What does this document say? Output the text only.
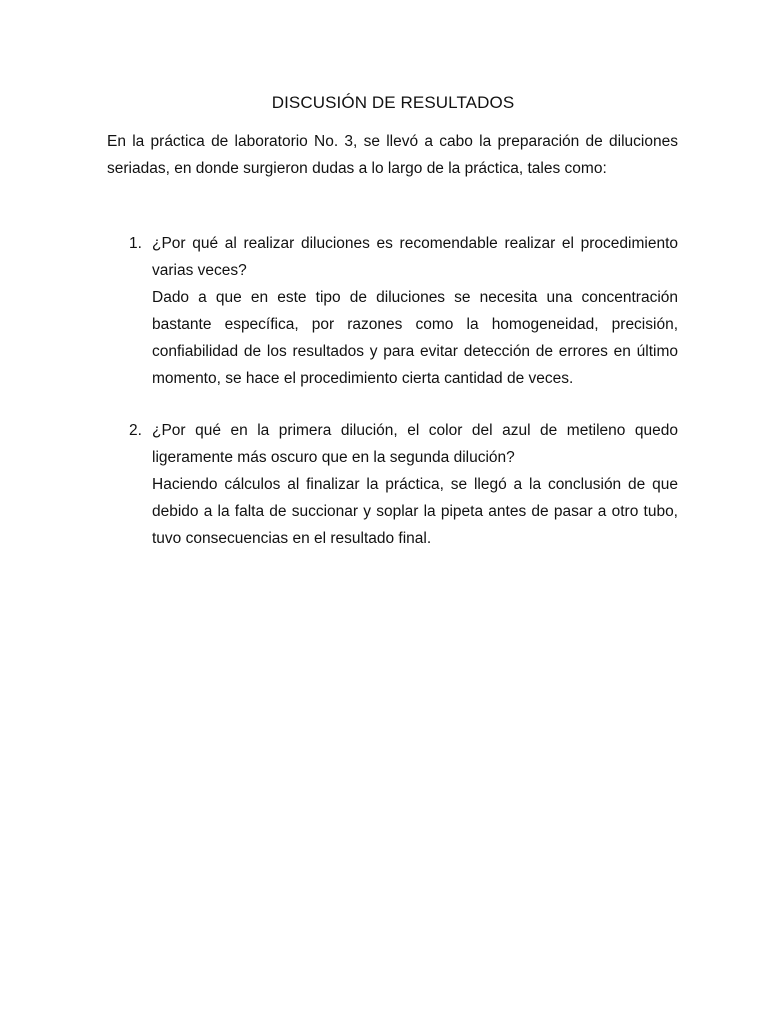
DISCUSIÓN DE RESULTADOS

En la práctica de laboratorio No. 3, se llevó a cabo la preparación de diluciones seriadas, en donde surgieron dudas a lo largo de la práctica, tales como:

1. ¿Por qué al realizar diluciones es recomendable realizar el procedimiento varias veces?

Dado a que en este tipo de diluciones se necesita una concentración bastante específica, por razones como la homogeneidad, precisión, confiabilidad de los resultados y para evitar detección de errores en último momento, se hace el procedimiento cierta cantidad de veces.

2. ¿Por qué en la primera dilución, el color del azul de metileno quedo ligeramente más oscuro que en la segunda dilución?

Haciendo cálculos al finalizar la práctica, se llegó a la conclusión de que debido a la falta de succionar y soplar la pipeta antes de pasar a otro tubo, tuvo consecuencias en el resultado final.
